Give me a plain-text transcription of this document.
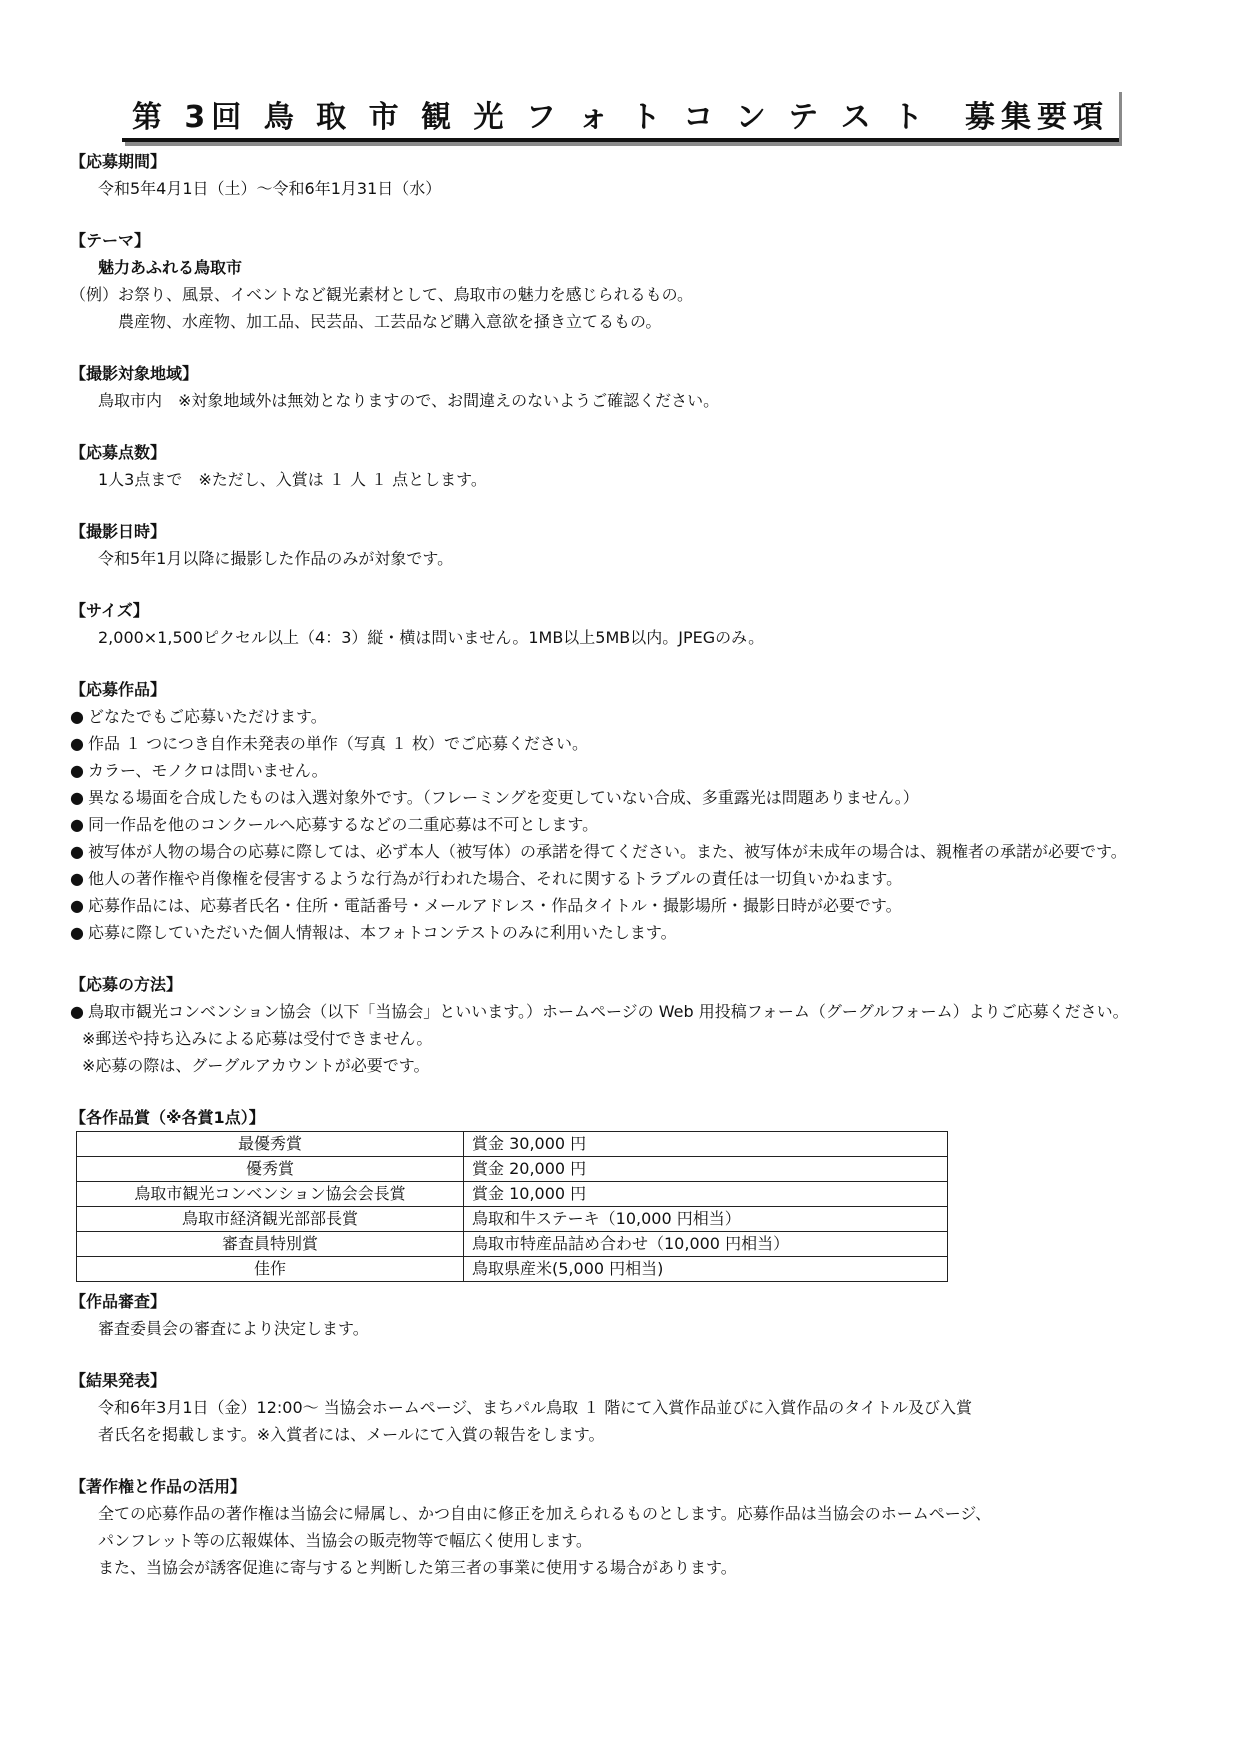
第 3回 鳥 取 市 観 光 フ ォ ト コ ン テ ス ト　募集要項
【応募期間】
令和5年4月1日（土）～令和6年1月31日（水）
【テーマ】
魅力あふれる鳥取市
（例）お祭り、風景、イベントなど観光素材として、鳥取市の魅力を感じられるもの。
農産物、水産物、加工品、民芸品、工芸品など購入意欲を掻き立てるもの。
【撮影対象地域】
鳥取市内　※対象地域外は無効となりますので、お間違えのないようご確認ください。
【応募点数】
1人3点まで　※ただし、入賞は １ 人 １ 点とします。
【撮影日時】
令和5年1月以降に撮影した作品のみが対象です。
【サイズ】
2,000×1,500ピクセル以上（4：3）縦・横は問いません。1MB以上5MB以内。JPEGのみ。
【応募作品】
● どなたでもご応募いただけます。
● 作品 １ つにつき自作未発表の単作（写真 １ 枚）でご応募ください。
● カラー、モノクロは問いません。
● 異なる場面を合成したものは入選対象外です。（フレーミングを変更していない合成、多重露光は問題ありません。）
● 同一作品を他のコンクールへ応募するなどの二重応募は不可とします。
● 被写体が人物の場合の応募に際しては、必ず本人（被写体）の承諾を得てください。また、被写体が未成年の場合は、親権者の承諾が必要です。
● 他人の著作権や肖像権を侵害するような行為が行われた場合、それに関するトラブルの責任は一切負いかねます。
● 応募作品には、応募者氏名・住所・電話番号・メールアドレス・作品タイトル・撮影場所・撮影日時が必要です。
● 応募に際していただいた個人情報は、本フォトコンテストのみに利用いたします。
【応募の方法】
● 鳥取市観光コンベンション協会（以下「当協会」といいます。）ホームページの Web 用投稿フォーム（グーグルフォーム）よりご応募ください。
※郵送や持ち込みによる応募は受付できません。
※応募の際は、グーグルアカウントが必要です。
【各作品賞（※各賞1点）】
最優秀賞	賞金 30,000 円
優秀賞	賞金 20,000 円
鳥取市観光コンベンション協会会長賞	賞金 10,000 円
鳥取市経済観光部部長賞	鳥取和牛ステーキ（10,000 円相当）
審査員特別賞	鳥取市特産品詰め合わせ（10,000 円相当）
佳作	鳥取県産米(5,000 円相当)
【作品審査】
審査委員会の審査により決定します。
【結果発表】
令和6年3月1日（金）12:00～ 当協会ホームページ、まちパル鳥取 １ 階にて入賞作品並びに入賞作品のタイトル及び入賞
者氏名を掲載します。※入賞者には、メールにて入賞の報告をします。
【著作権と作品の活用】
全ての応募作品の著作権は当協会に帰属し、かつ自由に修正を加えられるものとします。応募作品は当協会のホームページ、
パンフレット等の広報媒体、当協会の販売物等で幅広く使用します。
また、当協会が誘客促進に寄与すると判断した第三者の事業に使用する場合があります。
